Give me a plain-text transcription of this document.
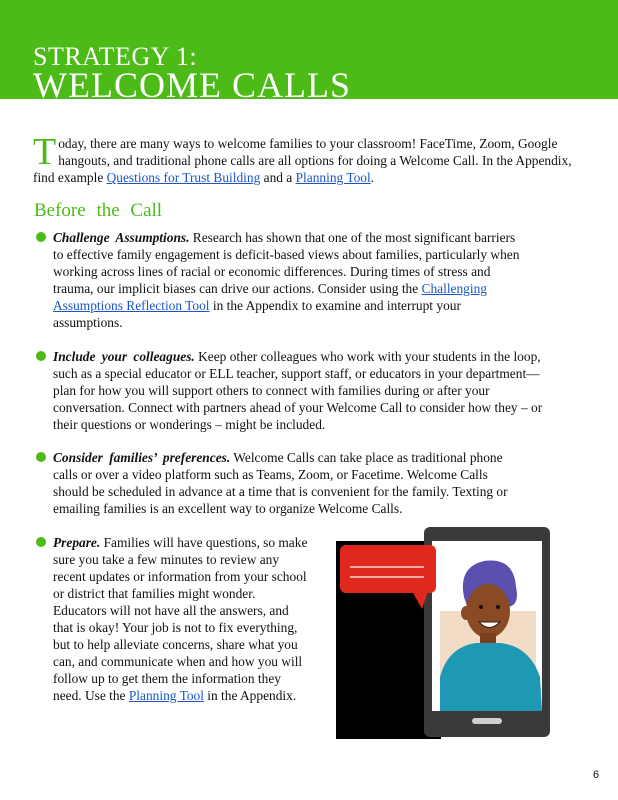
STRATEGY 1:
WELCOME CALLS
Today, there are many ways to welcome families to your classroom! FaceTime, Zoom, Google hangouts, and traditional phone calls are all options for doing a Welcome Call. In the Appendix, find example Questions for Trust Building and a Planning Tool.
Before the Call
Challenge Assumptions. Research has shown that one of the most significant barriers to effective family engagement is deficit-based views about families, particularly when working across lines of racial or economic differences. During times of stress and trauma, our implicit biases can drive our actions. Consider using the Challenging Assumptions Reflection Tool in the Appendix to examine and interrupt your assumptions.
Include your colleagues. Keep other colleagues who work with your students in the loop, such as a special educator or ELL teacher, support staff, or educators in your department—plan for how you will support others to connect with families during or after your conversation. Connect with partners ahead of your Welcome Call to consider how they – or their questions or wonderings – might be included.
Consider families’ preferences. Welcome Calls can take place as traditional phone calls or over a video platform such as Teams, Zoom, or Facetime. Welcome Calls should be scheduled in advance at a time that is convenient for the family. Texting or emailing families is an excellent way to organize Welcome Calls.
Prepare. Families will have questions, so make sure you take a few minutes to review any recent updates or information from your school or district that families might wonder. Educators will not have all the answers, and that is okay! Your job is not to fix everything, but to help alleviate concerns, share what you can, and communicate when and how you will follow up to get them the information they need. Use the Planning Tool in the Appendix.
6
